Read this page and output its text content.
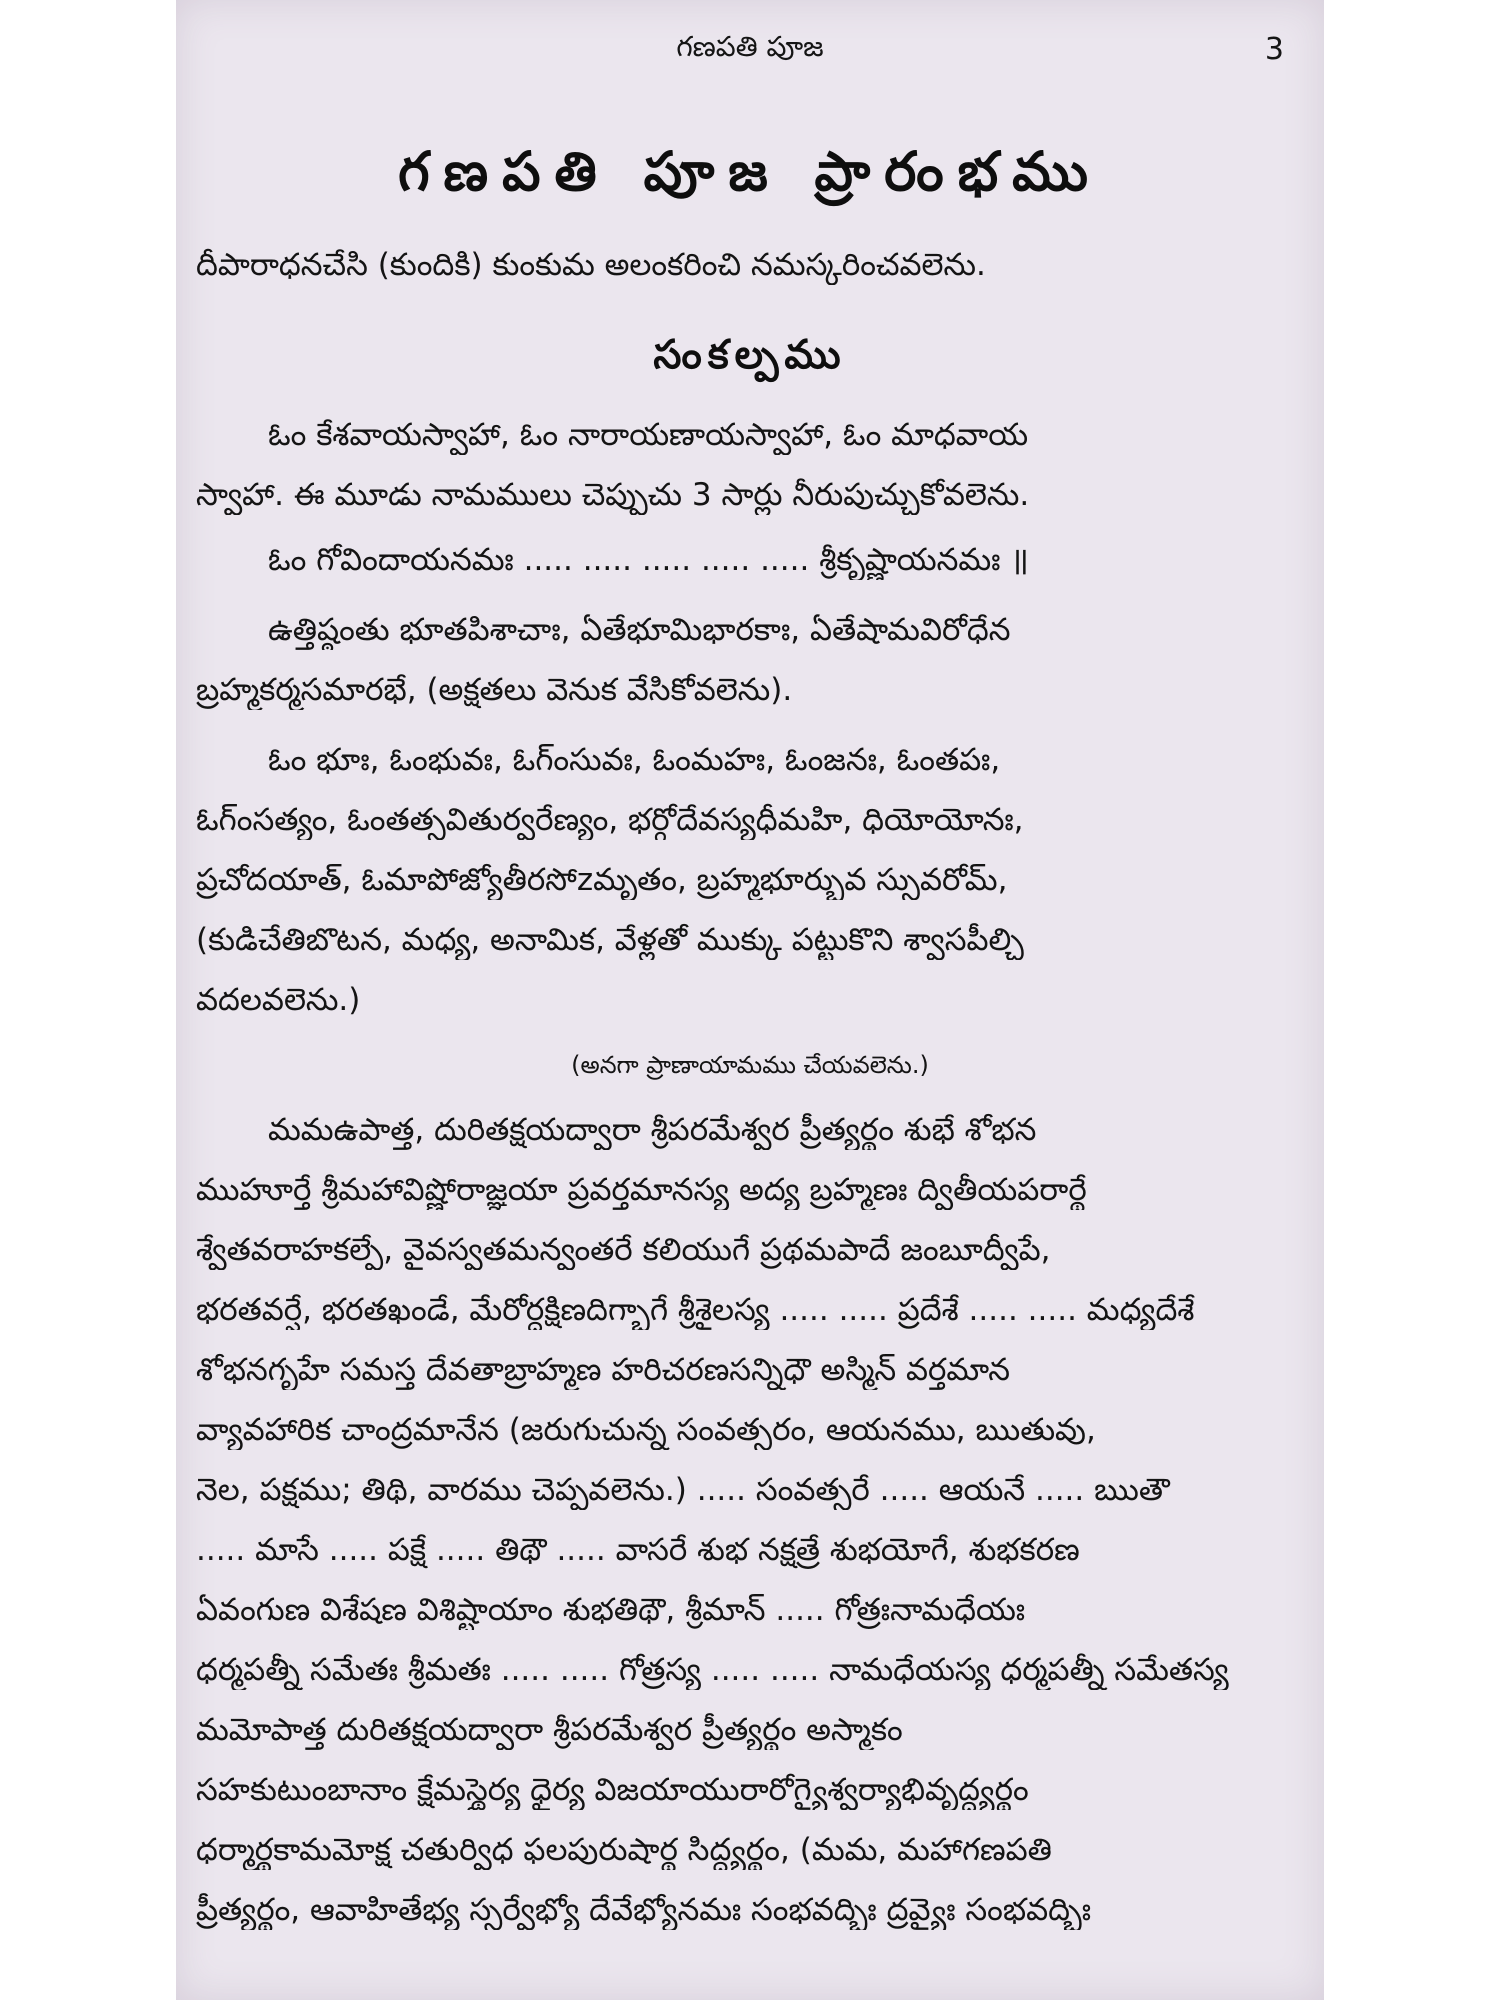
గణపతి పూజ	3
గణపతి పూజ ప్రారంభము
దీపారాధనచేసి (కుందికి) కుంకుమ అలంకరించి నమస్కరించవలెను.
సంకల్పము
ఓం కేశవాయస్వాహా, ఓం నారాయణాయస్వాహా, ఓం మాధవాయ
స్వాహా. ఈ మూడు నామములు చెప్పుచు 3 సార్లు నీరుపుచ్చుకోవలెను.
ఓం గోవిందాయనమః ..... ..... ..... ..... ..... శ్రీకృష్ణాయనమః ॥
ఉత్తిష్ఠంతు భూతపిశాచాః, ఏతేభూమిభారకాః, ఏతేషామవిరోధేన
బ్రహ్మకర్మసమారభే, (అక్షతలు వెనుక వేసికోవలెను).
ఓం భూః, ఓంభువః, ఓగ్ంసువః, ఓంమహః, ఓంజనః, ఓంతపః,
ఓగ్ంసత్యం, ఓంతత్సవితుర్వరేణ్యం, భర్గోదేవస్యధీమహి, ధియోయోనః,
ప్రచోదయాత్, ఓమాపోజ్యోతీరసోzమృతం, బ్రహ్మభూర్భువ స్సువరోమ్,
(కుడిచేతిబొటన, మధ్య, అనామిక, వేళ్లతో ముక్కు పట్టుకొని శ్వాసపీల్చి
వదలవలెను.)
(అనగా ప్రాణాయామము చేయవలెను.)
మమఉపాత్త, దురితక్షయద్వారా శ్రీపరమేశ్వర ప్రీత్యర్థం శుభే శోభన
ముహూర్తే శ్రీమహావిష్ణోరాజ్ఞయా ప్రవర్తమానస్య అద్య బ్రహ్మణః ద్వితీయపరార్థే
శ్వేతవరాహకల్పే, వైవస్వతమన్వంతరే కలియుగే ప్రథమపాదే జంబూద్వీపే,
భరతవర్షే, భరతఖండే, మేరోర్దక్షిణదిగ్భాగే శ్రీశైలస్య ..... ..... ప్రదేశే ..... ..... మధ్యదేశే
శోభనగృహే సమస్త దేవతాబ్రాహ్మణ హరిచరణసన్నిధౌ అస్మిన్ వర్తమాన
వ్యావహారిక చాంద్రమానేన (జరుగుచున్న సంవత్సరం, ఆయనము, ఋతువు,
నెల, పక్షము; తిథి, వారము చెప్పవలెను.) ..... సంవత్సరే ..... ఆయనే ..... ఋతౌ
..... మాసే ..... పక్షే ..... తిథౌ ..... వాసరే శుభ నక్షత్రే శుభయోగే, శుభకరణ
ఏవంగుణ విశేషణ విశిష్టాయాం శుభతిథౌ, శ్రీమాన్ ..... గోత్రఃనామధేయః
ధర్మపత్నీ సమేతః శ్రీమతః ..... ..... గోత్రస్య ..... ..... నామధేయస్య ధర్మపత్నీ సమేతస్య
మమోపాత్త దురితక్షయద్వారా శ్రీపరమేశ్వర ప్రీత్యర్థం అస్మాకం
సహకుటుంబానాం క్షేమస్థైర్య ధైర్య విజయాయురారోగ్యైశ్వర్యాభివృద్ధ్యర్థం
ధర్మార్థకామమోక్ష చతుర్విధ ఫలపురుషార్థ సిద్ధ్యర్థం, (మమ, మహాగణపతి
ప్రీత్యర్థం, ఆవాహితేభ్య స్సర్వేభ్యో దేవేభ్యోనమః సంభవద్భిః ద్రవ్యైః సంభవద్భిః
